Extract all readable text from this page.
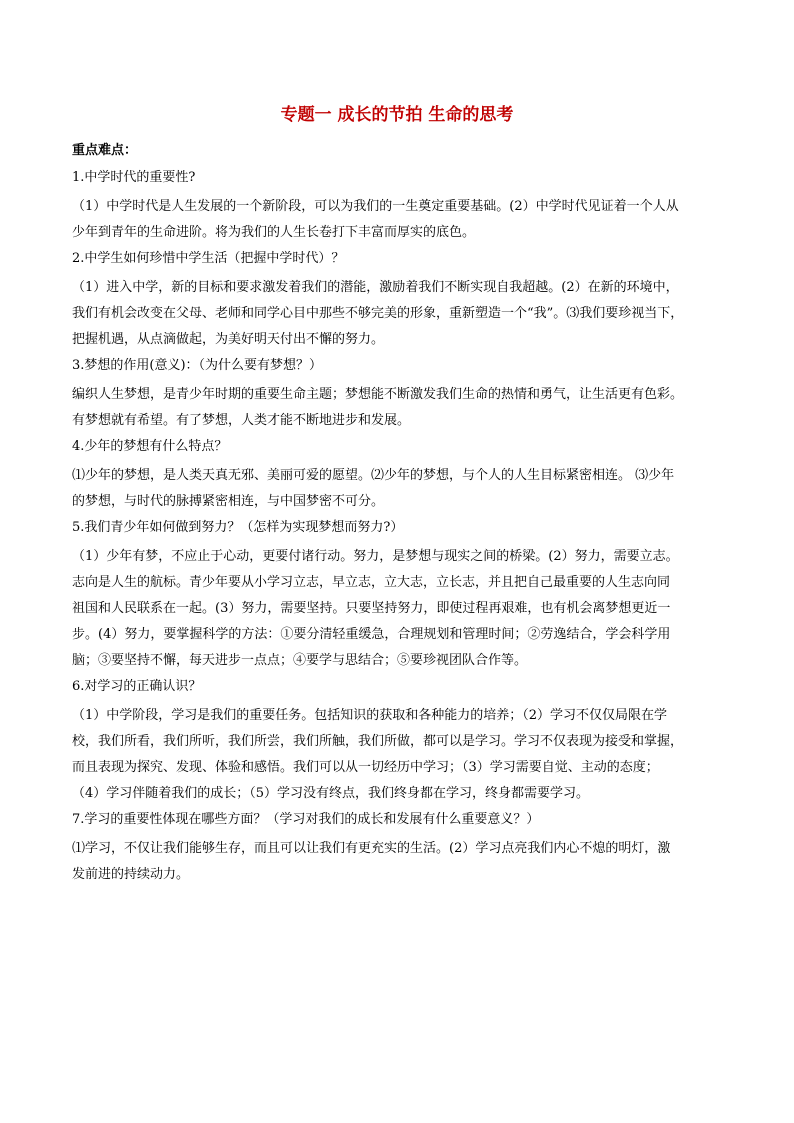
专题一 成长的节拍 生命的思考
重点难点：
1.中学时代的重要性?
（1）中学时代是人生发展的一个新阶段，可以为我们的一生奠定重要基础。(2）中学时代见证着一个人从
少年到青年的生命进阶。将为我们的人生长卷打下丰富而厚实的底色。
2.中学生如何珍惜中学生活（把握中学时代）？
（1）进入中学，新的目标和要求激发着我们的潜能，激励着我们不断实现自我超越。(2）在新的环境中，
我们有机会改变在父母、老师和同学心目中那些不够完美的形象，重新塑造一个“我”。⑶我们要珍视当下，
把握机遇，从点滴做起，为美好明天付出不懈的努力。
3.梦想的作用(意义)：（为什么要有梦想？）
编织人生梦想，是青少年时期的重要生命主题；梦想能不断激发我们生命的热情和勇气，让生活更有色彩。
有梦想就有希望。有了梦想，人类才能不断地进步和发展。
4.少年的梦想有什么特点？
⑴少年的梦想，是人类天真无邪、美丽可爱的愿望。⑵少年的梦想，与个人的人生目标紧密相连。 ⑶少年
的梦想，与时代的脉搏紧密相连，与中国梦密不可分。
5.我们青少年如何做到努力？（怎样为实现梦想而努力?）
（1）少年有梦，不应止于心动，更要付诸行动。努力，是梦想与现实之间的桥梁。(2）努力，需要立志。
志向是人生的航标。青少年要从小学习立志，早立志，立大志，立长志，并且把自己最重要的人生志向同
祖国和人民联系在一起。(3）努力，需要坚持。只要坚持努力，即使过程再艰难，也有机会离梦想更近一
步。(4）努力，要掌握科学的方法：①要分清轻重缓急，合理规划和管理时间；②劳逸结合，学会科学用
脑；③要坚持不懈，每天进步一点点；④要学与思结合；⑤要珍视团队合作等。
6.对学习的正确认识？
（1）中学阶段，学习是我们的重要任务。包括知识的获取和各种能力的培养；（2）学习不仅仅局限在学
校，我们所看，我们所听，我们所尝，我们所触，我们所做，都可以是学习。学习不仅表现为接受和掌握，
而且表现为探究、发现、体验和感悟。我们可以从一切经历中学习；（3）学习需要自觉、主动的态度；
（4）学习伴随着我们的成长；（5）学习没有终点，我们终身都在学习，终身都需要学习。
7.学习的重要性体现在哪些方面？（学习对我们的成长和发展有什么重要意义？）
⑴学习，不仅让我们能够生存，而且可以让我们有更充实的生活。(2）学习点亮我们内心不熄的明灯，激
发前进的持续动力。
